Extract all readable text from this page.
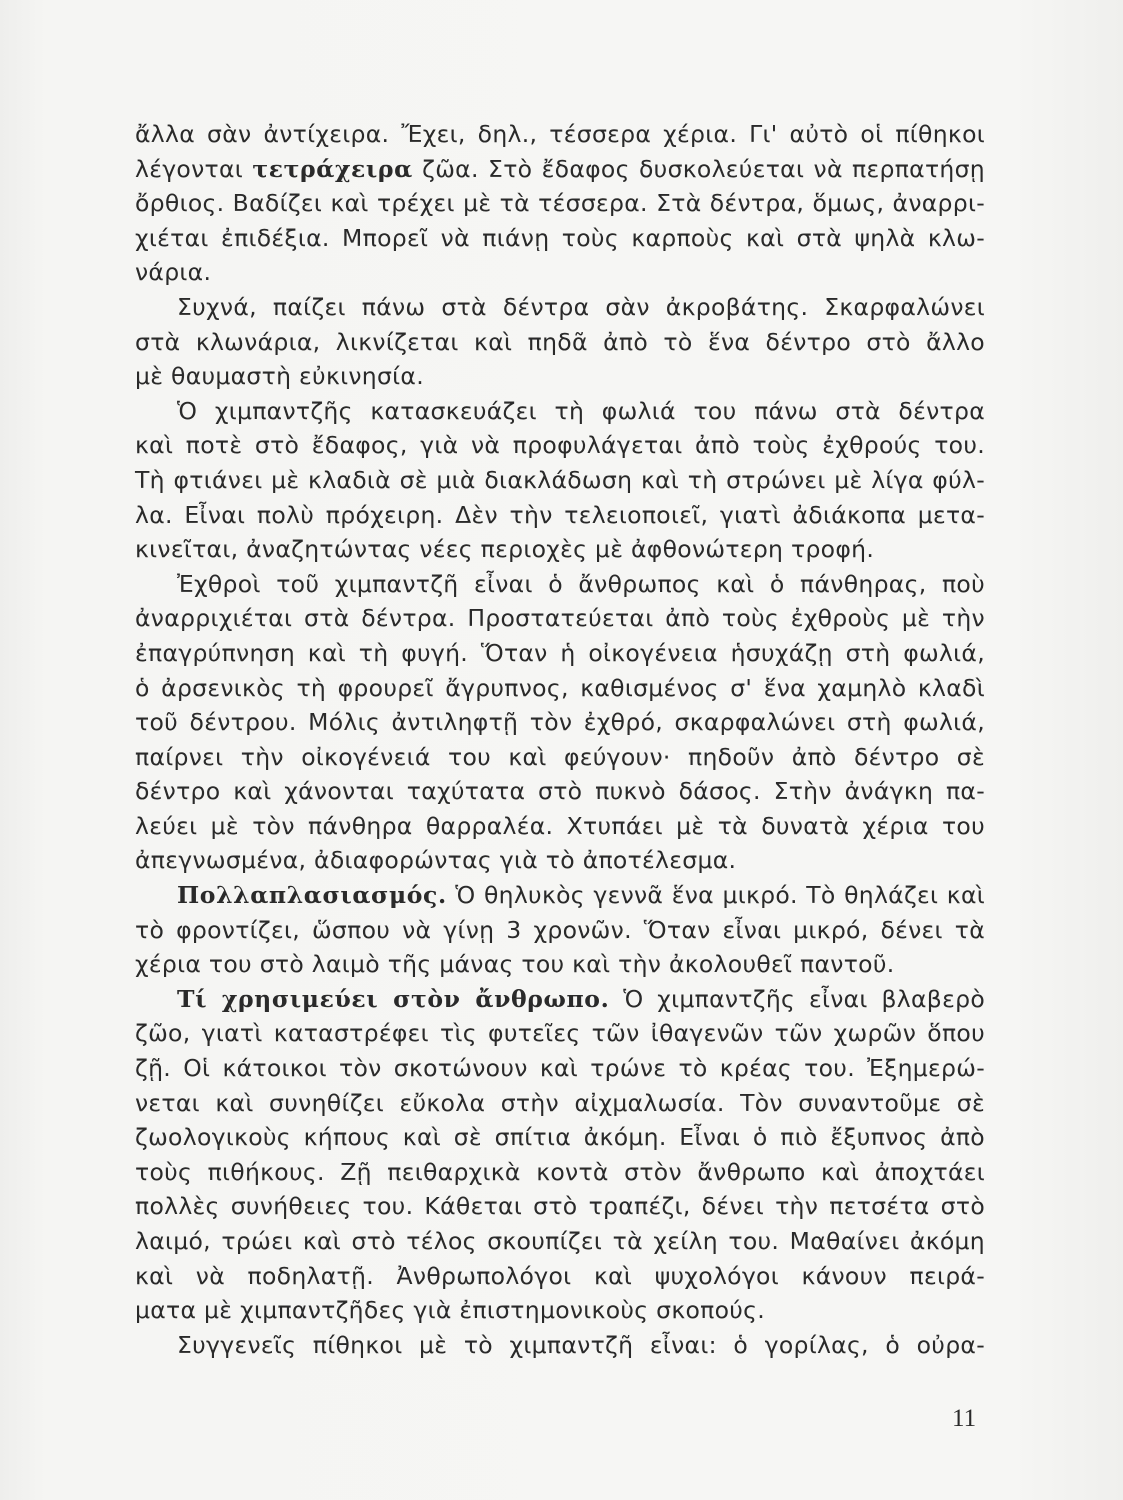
ἄλλα σὰν ἀντίχειρα. Ἔχει, δηλ., τέσσερα χέρια. Γι' αὐτὸ οἱ πίθηκοι
λέγονται τετράχειρα ζῶα. Στὸ ἔδαφος δυσκολεύεται νὰ περπατήσῃ
ὄρθιος. Βαδίζει καὶ τρέχει μὲ τὰ τέσσερα. Στὰ δέντρα, ὅμως, ἀναρρι-
χιέται ἐπιδέξια. Μπορεῖ νὰ πιάνῃ τοὺς καρποὺς καὶ στὰ ψηλὰ κλω-
νάρια.
Συχνά, παίζει πάνω στὰ δέντρα σὰν ἀκροβάτης. Σκαρφαλώνει
στὰ κλωνάρια, λικνίζεται καὶ πηδᾶ ἀπὸ τὸ ἕνα δέντρο στὸ ἄλλο
μὲ θαυμαστὴ εὐκινησία.
Ὁ χιμπαντζῆς κατασκευάζει τὴ φωλιά του πάνω στὰ δέντρα
καὶ ποτὲ στὸ ἔδαφος, γιὰ νὰ προφυλάγεται ἀπὸ τοὺς ἐχθρούς του.
Τὴ φτιάνει μὲ κλαδιὰ σὲ μιὰ διακλάδωση καὶ τὴ στρώνει μὲ λίγα φύλ-
λα. Εἶναι πολὺ πρόχειρη. Δὲν τὴν τελειοποιεῖ, γιατὶ ἀδιάκοπα μετα-
κινεῖται, ἀναζητώντας νέες περιοχὲς μὲ ἀφθονώτερη τροφή.
Ἐχθροὶ τοῦ χιμπαντζῆ εἶναι ὁ ἄνθρωπος καὶ ὁ πάνθηρας, ποὺ
ἀναρριχιέται στὰ δέντρα. Προστατεύεται ἀπὸ τοὺς ἐχθροὺς μὲ τὴν
ἐπαγρύπνηση καὶ τὴ φυγή. Ὅταν ἡ οἰκογένεια ἡσυχάζῃ στὴ φωλιά,
ὁ ἀρσενικὸς τὴ φρουρεῖ ἄγρυπνος, καθισμένος σ' ἕνα χαμηλὸ κλαδὶ
τοῦ δέντρου. Μόλις ἀντιληφτῇ τὸν ἐχθρό, σκαρφαλώνει στὴ φωλιά,
παίρνει τὴν οἰκογένειά του καὶ φεύγουν· πηδοῦν ἀπὸ δέντρο σὲ
δέντρο καὶ χάνονται ταχύτατα στὸ πυκνὸ δάσος. Στὴν ἀνάγκη πα-
λεύει μὲ τὸν πάνθηρα θαρραλέα. Χτυπάει μὲ τὰ δυνατὰ χέρια του
ἀπεγνωσμένα, ἀδιαφορώντας γιὰ τὸ ἀποτέλεσμα.
Πολλαπλασιασμός. Ὁ θηλυκὸς γεννᾶ ἕνα μικρό. Τὸ θηλάζει καὶ
τὸ φροντίζει, ὥσπου νὰ γίνῃ 3 χρονῶν. Ὅταν εἶναι μικρό, δένει τὰ
χέρια του στὸ λαιμὸ τῆς μάνας του καὶ τὴν ἀκολουθεῖ παντοῦ.
Τί χρησιμεύει στὸν ἄνθρωπο. Ὁ χιμπαντζῆς εἶναι βλαβερὸ
ζῶο, γιατὶ καταστρέφει τὶς φυτεῖες τῶν ἰθαγενῶν τῶν χωρῶν ὅπου
ζῇ. Οἱ κάτοικοι τὸν σκοτώνουν καὶ τρώνε τὸ κρέας του. Ἐξημερώ-
νεται καὶ συνηθίζει εὔκολα στὴν αἰχμαλωσία. Τὸν συναντοῦμε σὲ
ζωολογικοὺς κήπους καὶ σὲ σπίτια ἀκόμη. Εἶναι ὁ πιὸ ἔξυπνος ἀπὸ
τοὺς πιθήκους. Ζῇ πειθαρχικὰ κοντὰ στὸν ἄνθρωπο καὶ ἀποχτάει
πολλὲς συνήθειες του. Κάθεται στὸ τραπέζι, δένει τὴν πετσέτα στὸ
λαιμό, τρώει καὶ στὸ τέλος σκουπίζει τὰ χείλη του. Μαθαίνει ἀκόμη
καὶ νὰ ποδηλατῇ. Ἀνθρωπολόγοι καὶ ψυχολόγοι κάνουν πειρά-
ματα μὲ χιμπαντζῆδες γιὰ ἐπιστημονικοὺς σκοπούς.
Συγγενεῖς πίθηκοι μὲ τὸ χιμπαντζῆ εἶναι: ὁ γορίλας, ὁ οὐρα-
11
